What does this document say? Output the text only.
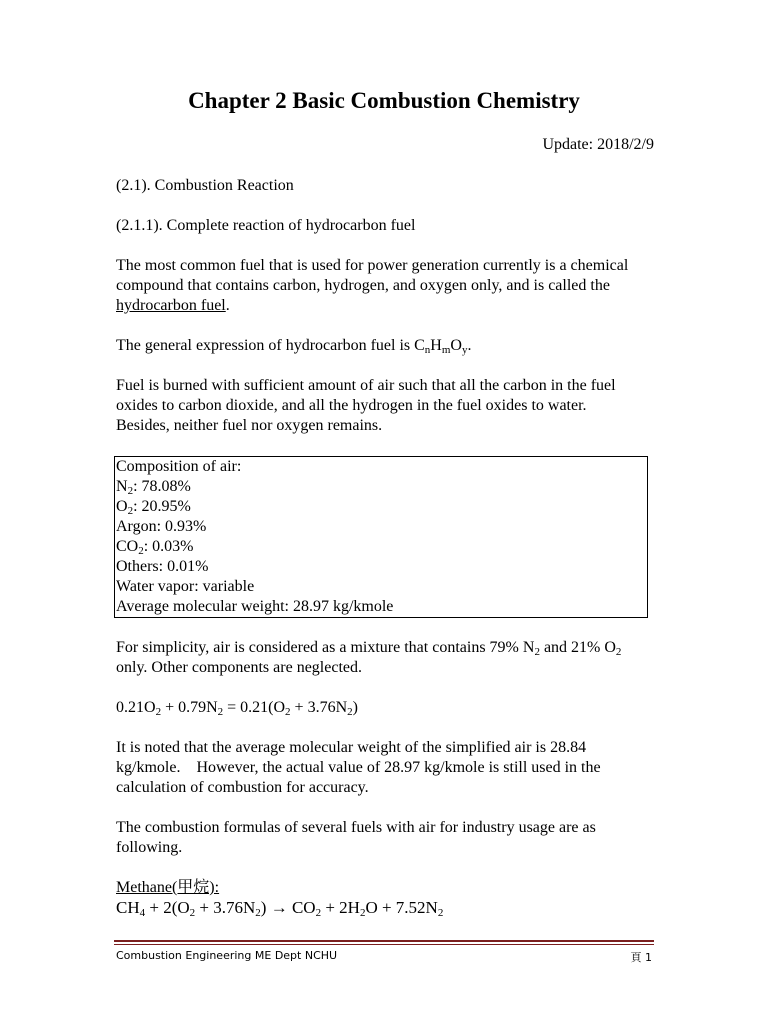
Chapter 2 Basic Combustion Chemistry

Update: 2018/2/9

(2.1). Combustion Reaction

(2.1.1). Complete reaction of hydrocarbon fuel

The most common fuel that is used for power generation currently is a chemical compound that contains carbon, hydrogen, and oxygen only, and is called the hydrocarbon fuel.

The general expression of hydrocarbon fuel is $C_nH_mO_y$.

Fuel is burned with sufficient amount of air such that all the carbon in the fuel oxides to carbon dioxide, and all the hydrogen in the fuel oxides to water.    Besides, neither fuel nor oxygen remains.

Composition of air:
$N_2$: 78.08%
$O_2$: 20.95%
Argon: 0.93%
$CO_2$: 0.03%
Others: 0.01%
Water vapor: variable
Average molecular weight: 28.97 kg/kmole

For simplicity, air is considered as a mixture that contains 79% $N_2$ and 21% $O_2$ only. Other components are neglected.

$0.21O_2 + 0.79N_2 = 0.21(O_2 + 3.76N_2)$

It is noted that the average molecular weight of the simplified air is 28.84 kg/kmole.    However, the actual value of 28.97 kg/kmole is still used in the calculation of combustion for accuracy.

The combustion formulas of several fuels with air for industry usage are as following.

Methane(甲烷):

$CH_4 + 2(O_2 + 3.76N_2) \to CO_2 + 2H_2O + 7.52N_2$

Combustion Engineering ME Dept NCHU	頁 1
